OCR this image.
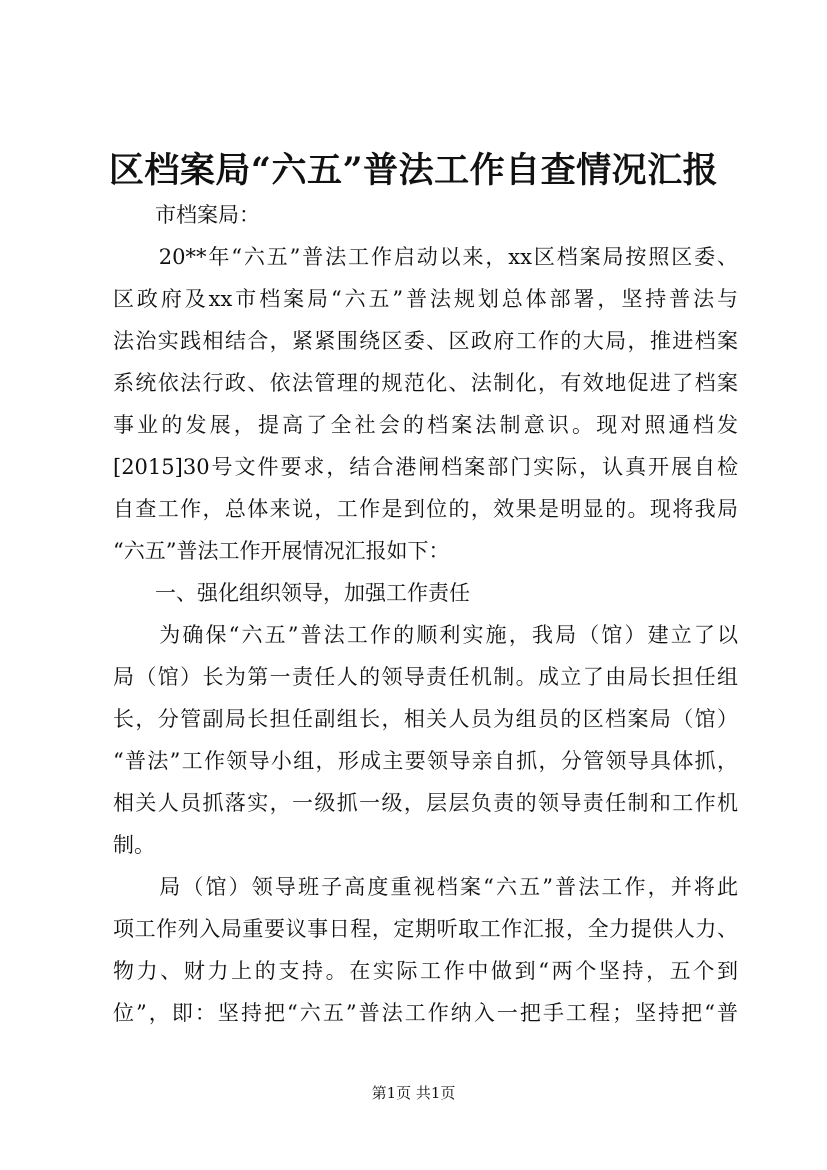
区档案局“六五”普法工作自查情况汇报

　　市档案局：

　　20**年“六五”普法工作启动以来，xx区档案局按照区委、

区政府及xx市档案局“六五”普法规划总体部署，坚持普法与

法治实践相结合，紧紧围绕区委、区政府工作的大局，推进档案

系统依法行政、依法管理的规范化、法制化，有效地促进了档案

事业的发展，提高了全社会的档案法制意识。现对照通档发

[2015]30号文件要求，结合港闸档案部门实际，认真开展自检

自查工作，总体来说，工作是到位的，效果是明显的。现将我局

“六五”普法工作开展情况汇报如下：

　　一、强化组织领导，加强工作责任

　　为确保“六五”普法工作的顺利实施，我局（馆）建立了以

局（馆）长为第一责任人的领导责任机制。成立了由局长担任组

长，分管副局长担任副组长，相关人员为组员的区档案局（馆）

“普法”工作领导小组，形成主要领导亲自抓，分管领导具体抓，

相关人员抓落实，一级抓一级，层层负责的领导责任制和工作机

制。

　　局（馆）领导班子高度重视档案“六五”普法工作，并将此

项工作列入局重要议事日程，定期听取工作汇报，全力提供人力、

物力、财力上的支持。在实际工作中做到“两个坚持，五个到

位”，即：坚持把“六五”普法工作纳入一把手工程；坚持把“普

第1页 共1页
